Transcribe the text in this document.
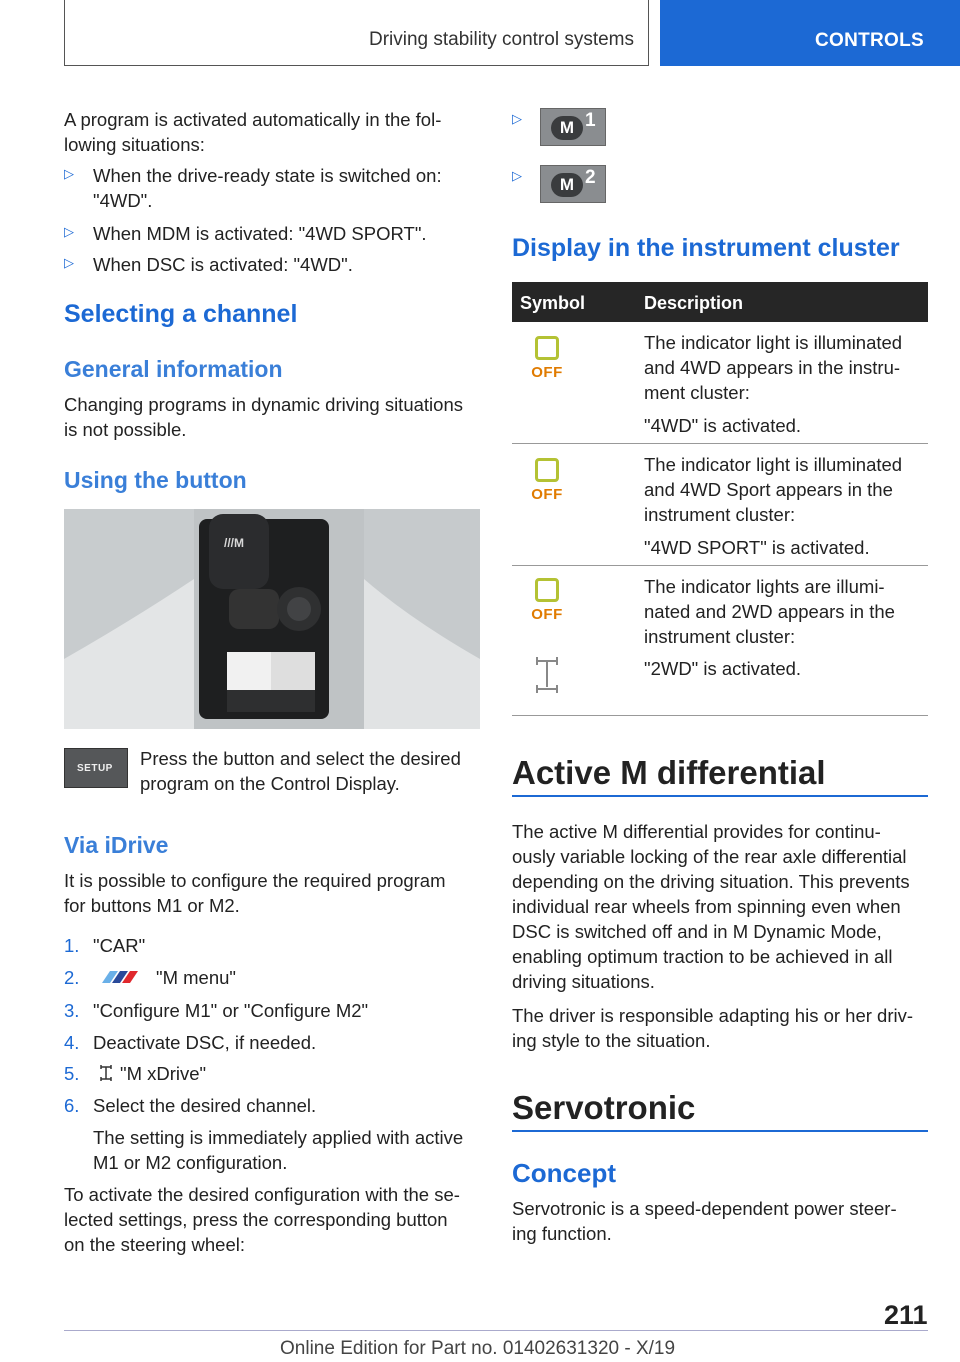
Driving stability control systems	CONTROLS

A program is activated automatically in the fol-

lowing situations:

▷ When the drive-ready state is switched on:
"4WD".
▷ When MDM is activated: "4WD SPORT".
▷ When DSC is activated: "4WD".
Selecting a channel
General information

Changing programs in dynamic driving situations

is not possible.

Using the button
///M
SETUP Press the button and select the desired

program on the Control Display.

Via iDrive

It is possible to configure the required program

for buttons M1 or M2.

1. "CAR"
2.	"M menu"
3. "Configure M1" or "Configure M2"
4. Deactivate DSC, if needed.
5. "M xDrive"
6. Select the desired channel.

The setting is immediately applied with active

M1 or M2 configuration.

To activate the desired configuration with the se-

lected settings, press the corresponding button

on the steering wheel:

▷	M 1
▷	M 2
Display in the instrument cluster
Symbol	Description
OFF

The indicator light is illuminated

and 4WD appears in the instru-

ment cluster:

"4WD" is activated.

OFF

The indicator light is illuminated

and 4WD Sport appears in the

instrument cluster:

"4WD SPORT" is activated.

OFF

The indicator lights are illumi-

nated and 2WD appears in the

instrument cluster:

"2WD" is activated.

Active M differential

The active M differential provides for continu-

ously variable locking of the rear axle differential

depending on the driving situation. This prevents

individual rear wheels from spinning even when

DSC is switched off and in M Dynamic Mode,

enabling optimum traction to be achieved in all

driving situations.

The driver is responsible adapting his or her driv-

ing style to the situation.

Servotronic
Concept

Servotronic is a speed-dependent power steer-

ing function.

211
Online Edition for Part no. 01402631320 - X/19
